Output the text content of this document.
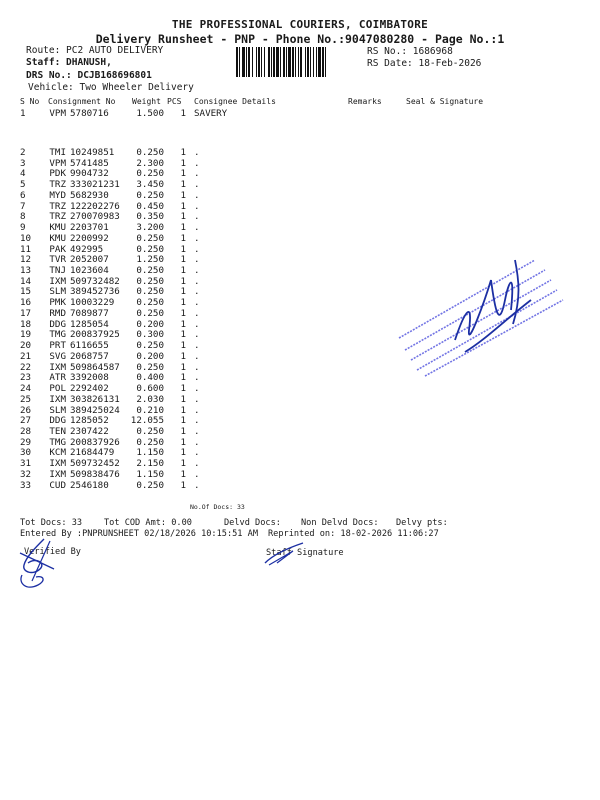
THE PROFESSIONAL COURIERS, COIMBATORE
Delivery Runsheet - PNP - Phone No.:9047080280 - Page No.:1
Route: PC2 AUTO DELIVERY
Staff: DHANUSH,
DRS No.: DCJB168696801
Vehicle: Two Wheeler Delivery
RS No.: 1686968
RS Date: 18-Feb-2026
S No Consignment No Weight PCS Consignee Details	Remarks	Seal & Signature
1	VPM 5780716	1.500	1 SAVERY
2	TMI 10249851	0.250	1 .
3	VPM 5741485	2.300	1 .
4	PDK 9904732	0.250	1 .
5	TRZ 333021231	3.450	1 .
6	MYD 5682930	0.250	1 .
7	TRZ 122202276	0.450	1 .
8	TRZ 270070983	0.350	1 .
9	KMU 2203701	3.200	1 .
10	KMU 2200992	0.250	1 .
11	PAK 492995	0.250	1 .
12	TVR 2052007	1.250	1 .
13	TNJ 1023604	0.250	1 .
14	IXM 509732482	0.250	1 .
15	SLM 389452736	0.250	1 .
16	PMK 10003229	0.250	1 .
17	RMD 7089877	0.250	1 .
18	DDG 1285054	0.200	1 .
19	TMG 200837925	0.300	1 .
20	PRT 6116655	0.250	1 .
21	SVG 2068757	0.200	1 .
22	IXM 509864587	0.250	1 .
23	ATR 3392008	0.400	1 .
24	POL 2292402	0.600	1 .
25	IXM 303826131	2.030	1 .
26	SLM 389425024	0.210	1 .
27	DDG 1285052	12.055	1 .
28	TEN 2307422	0.250	1 .
29	TMG 200837926	0.250	1 .
30	KCM 21684479	1.150	1 .
31	IXM 509732452	2.150	1 .
32	IXM 509838476	1.150	1 .
33	CUD 2546180	0.250	1 .
No.Of Docs: 33
Tot Docs: 33	Tot COD Amt: 0.00	Delvd Docs: Non Delvd Docs: Delvy pts:
Entered By :PNPRUNSHEET 02/18/2026 10:15:51 AM Reprinted on: 18-02-2026 11:06:27
Verified By	Staff Signature
